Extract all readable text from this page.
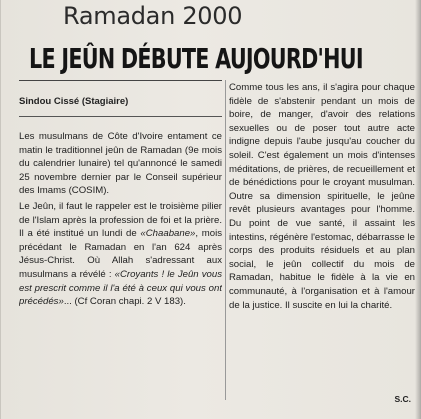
Ramadan 2000
LE JEÛN DÉBUTE AUJOURD'HUI
Sindou Cissé (Stagiaire)

Les musulmans de Côte d'Ivoire entament ce matin le traditionnel jeûn de Ramadan (9e mois du calendrier lunaire) tel qu'annoncé le samedi 25 novembre dernier par le Conseil supérieur des Imams (COSIM).

Le Jeûn, il faut le rappeler est le troisième pilier de l'Islam après la profession de foi et la prière. Il a été institué un lundi de «Chaabane», mois précédant le Ramadan en l'an 624 après Jésus-Christ. Où Allah s'adressant aux musulmans a révélé : «Croyants ! le Jeûn vous est prescrit comme il l'a été à ceux qui vous ont précédés»... (Cf Coran chapi. 2 V 183).

Comme tous les ans, il s'agira pour chaque fidèle de s'abstenir pendant un mois de boire, de manger, d'avoir des relations sexuelles ou de poser tout autre acte indigne depuis l'aube jusqu'au coucher du soleil. C'est également un mois d'intenses méditations, de prières, de recueillement et de bénédictions pour le croyant musulman. Outre sa dimension spirituelle, le jeûne revêt plusieurs avantages pour l'homme. Du point de vue santé, il assaint les intestins, régénère l'estomac, débarrasse le corps des produits résiduels et au plan social, le jeûn collectif du mois de Ramadan, habitue le fidèle à la vie en communauté, à l'organisation et à l'amour de la justice. Il suscite en lui la charité.

S.C.
